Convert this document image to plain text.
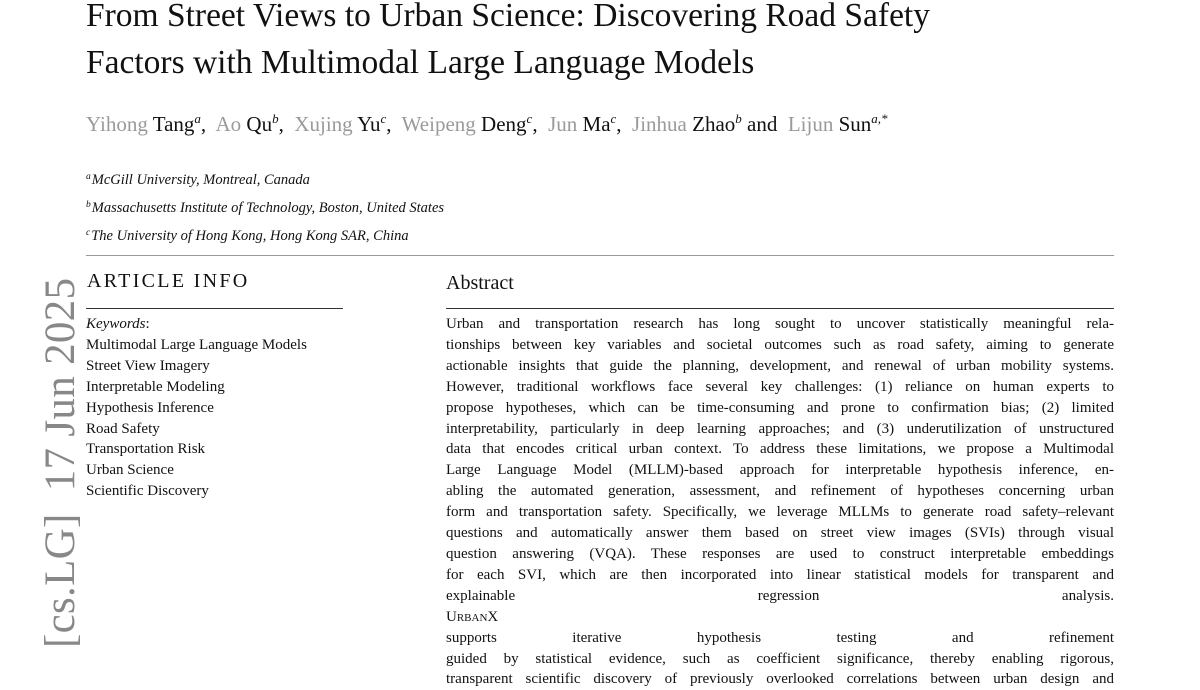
From Street Views to Urban Science: Discovering Road Safety
Factors with Multimodal Large Language Models
Yihong Tang$^a$, Ao Qu$^b$, Xujing Yu$^c$, Weipeng Deng$^c$, Jun Ma$^c$, Jinhua Zhao$^b$ and Lijun Sun$^{a,*}$
$^a$McGill University, Montreal, Canada
$^b$Massachusetts Institute of Technology, Boston, United States
$^c$The University of Hong Kong, Hong Kong SAR, China
ARTICLE INFO
Keywords:
Multimodal Large Language Models
Street View Imagery
Interpretable Modeling
Hypothesis Inference
Road Safety
Transportation Risk
Urban Science
Scientific Discovery
Abstract
Urban and transportation research has long sought to uncover statistically meaningful rela-
tionships between key variables and societal outcomes such as road safety, aiming to generate
actionable insights that guide the planning, development, and renewal of urban mobility systems.
However, traditional workflows face several key challenges: (1) reliance on human experts to
propose hypotheses, which can be time-consuming and prone to confirmation bias; (2) limited
interpretability, particularly in deep learning approaches; and (3) underutilization of unstructured
data that encodes critical urban context. To address these limitations, we propose a Multimodal
Large Language Model (MLLM)-based approach for interpretable hypothesis inference, en-
abling the automated generation, assessment, and refinement of hypotheses concerning urban
form and transportation safety. Specifically, we leverage MLLMs to generate road safety–relevant
questions and automatically answer them based on street view images (SVIs) through visual
question answering (VQA). These responses are used to construct interpretable embeddings
for each SVI, which are then incorporated into linear statistical models for transparent and
explainable regression analysis.
UrbanX
supports iterative hypothesis testing and refinement
guided by statistical evidence, such as coefficient significance, thereby enabling rigorous,
transparent scientific discovery of previously overlooked correlations between urban design and
[cs.LG]  17 Jun 2025
